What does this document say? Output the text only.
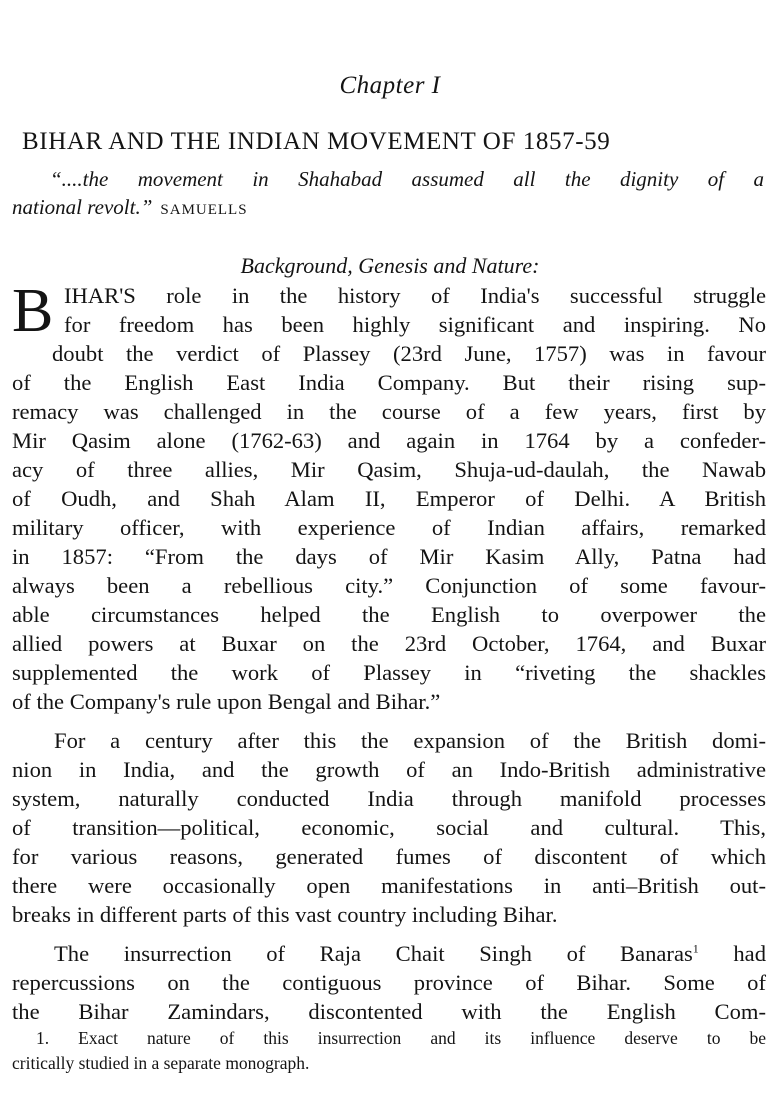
Chapter I
BIHAR AND THE INDIAN MOVEMENT OF 1857-59
“....the movement in Shahabad assumed all the dignity of a
national revolt.” SAMUELLS
Background, Genesis and Nature:
B IHAR'S role in the history of India's successful struggle
for freedom has been highly significant and inspiring. No
doubt the verdict of Plassey (23rd June, 1757) was in favour
of the English East India Company. But their rising sup-
remacy was challenged in the course of a few years, first by
Mir Qasim alone (1762-63) and again in 1764 by a confeder-
acy of three allies, Mir Qasim, Shuja-ud-daulah, the Nawab
of Oudh, and Shah Alam II, Emperor of Delhi. A British
military officer, with experience of Indian affairs, remarked
in 1857: “From the days of Mir Kasim Ally, Patna had
always been a rebellious city.” Conjunction of some favour-
able circumstances helped the English to overpower the
allied powers at Buxar on the 23rd October, 1764, and Buxar
supplemented the work of Plassey in “riveting the shackles
of the Company's rule upon Bengal and Bihar.”
For a century after this the expansion of the British domi-
nion in India, and the growth of an Indo-British administrative
system, naturally conducted India through manifold processes
of transition—political, economic, social and cultural. This,
for various reasons, generated fumes of discontent of which
there were occasionally open manifestations in anti–British out-
breaks in different parts of this vast country including Bihar.
The insurrection of Raja Chait Singh of Banaras$^1$ had
repercussions on the contiguous province of Bihar. Some of
the Bihar Zamindars, discontented with the English Com-
1. Exact nature of this insurrection and its influence deserve to be
critically studied in a separate monograph.
